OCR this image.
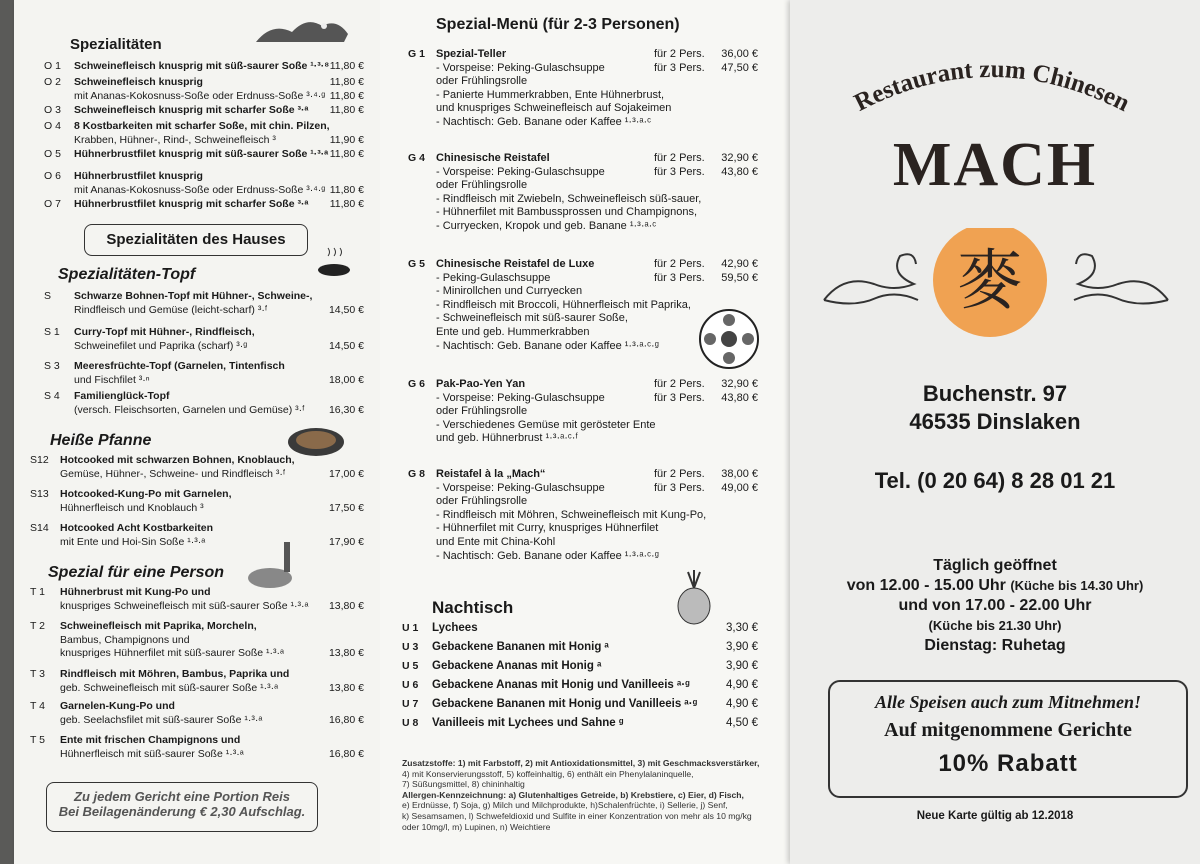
Spezialitäten
O 1 Schweinefleisch knusprig mit süß-saurer Soße ¹·³·⁸ 11,80 €
O 2 Schweinefleisch knusprig	11,80 €
mit Ananas-Kokosnuss-Soße oder Erdnuss-Soße ³·⁴·ᵍ 11,80 €
O 3 Schweinefleisch knusprig mit scharfer Soße ³·ᵃ 11,80 €
O 4 8 Kostbarkeiten mit scharfer Soße, mit chin. Pilzen,
Krabben, Hühner-, Rind-, Schweinefleisch ³	11,90 €
O 5 Hühnerbrustfilet knusprig mit süß-saurer Soße ¹·³·ᵃ 11,80 €
O 6 Hühnerbrustfilet knusprig
mit Ananas-Kokosnuss-Soße oder Erdnuss-Soße ³·⁴·ᵍ 11,80 €
O 7 Hühnerbrustfilet knusprig mit scharfer Soße ³·ᵃ 11,80 €
Spezialitäten des Hauses
Spezialitäten-Topf
S Schwarze Bohnen-Topf mit Hühner-, Schweine-,
Rindfleisch und Gemüse (leicht-scharf) ³·ᶠ	14,50 €
S 1 Curry-Topf mit Hühner-, Rindfleisch,
Schweinefilet und Paprika (scharf) ³·ᵍ	14,50 €
S 3 Meeresfrüchte-Topf (Garnelen, Tintenfisch
und Fischfilet ³·ⁿ	18,00 €
S 4 Familienglück-Topf
(versch. Fleischsorten, Garnelen und Gemüse) ³·ᶠ 16,30 €
Heiße Pfanne
S12 Hotcooked mit schwarzen Bohnen, Knoblauch,
Gemüse, Hühner-, Schweine- und Rindfleisch ³·ᶠ	17,00 €
S13 Hotcooked-Kung-Po mit Garnelen,
Hühnerfleisch und Knoblauch ³	17,50 €
S14 Hotcooked Acht Kostbarkeiten
mit Ente und Hoi-Sin Soße ¹·³·ᵃ	17,90 €
Spezial für eine Person
T 1 Hühnerbrust mit Kung-Po und
knuspriges Schweinefleisch mit süß-saurer Soße ¹·³·ᵃ 13,80 €
T 2 Schweinefleisch mit Paprika, Morcheln,
Bambus, Champignons und
knuspriges Hühnerfilet mit süß-saurer Soße ¹·³·ᵃ	13,80 €
T 3 Rindfleisch mit Möhren, Bambus, Paprika und
geb. Schweinefleisch mit süß-saurer Soße ¹·³·ᵃ	13,80 €
T 4 Garnelen-Kung-Po und
geb. Seelachsfilet mit süß-saurer Soße ¹·³·ᵃ	16,80 €
T 5 Ente mit frischen Champignons und
Hühnerfleisch mit süß-saurer Soße ¹·³·ᵃ	16,80 €
Zu jedem Gericht eine Portion Reis
Bei Beilagenänderung € 2,30 Aufschlag.
Spezial-Menü (für 2-3 Personen)
G 1 Spezial-Teller	für 2 Pers. 36,00 €
- Vorspeise: Peking-Gulaschsuppe	für 3 Pers. 47,50 €
oder Frühlingsrolle
- Panierte Hummerkrabben, Ente Hühnerbrust,
und knuspriges Schweinefleisch auf Sojakeimen
- Nachtisch: Geb. Banane oder Kaffee ¹·³·ᵃ·ᶜ
G 4 Chinesische Reistafel	für 2 Pers. 32,90 €
- Vorspeise: Peking-Gulaschsuppe	für 3 Pers. 43,80 €
oder Frühlingsrolle
- Rindfleisch mit Zwiebeln, Schweinefleisch süß-sauer,
- Hühnerfilet mit Bambussprossen und Champignons,
- Curryecken, Kropok und geb. Banane ¹·³·ᵃ·ᶜ
G 5 Chinesische Reistafel de Luxe	für 2 Pers. 42,90 €
- Peking-Gulaschsuppe	für 3 Pers. 59,50 €
- Minirollchen und Curryecken
- Rindfleisch mit Broccoli, Hühnerfleisch mit Paprika,
- Schweinefleisch mit süß-saurer Soße,
Ente und geb. Hummerkrabben
- Nachtisch: Geb. Banane oder Kaffee ¹·³·ᵃ·ᶜ·ᵍ
G 6 Pak-Pao-Yen Yan	für 2 Pers. 32,90 €
- Vorspeise: Peking-Gulaschsuppe	für 3 Pers. 43,80 €
oder Frühlingsrolle
- Verschiedenes Gemüse mit gerösteter Ente
und geb. Hühnerbrust ¹·³·ᵃ·ᶜ·ᶠ
G 8 Reistafel à la „Mach“	für 2 Pers. 38,00 €
- Vorspeise: Peking-Gulaschsuppe	für 3 Pers. 49,00 €
oder Frühlingsrolle
- Rindfleisch mit Möhren, Schweinefleisch mit Kung-Po,
- Hühnerfilet mit Curry, knuspriges Hühnerfilet
und Ente mit China-Kohl
- Nachtisch: Geb. Banane oder Kaffee ¹·³·ᵃ·ᶜ·ᵍ
Nachtisch
U 1 Lychees	3,30 €
U 3 Gebackene Bananen mit Honig ᵃ	3,90 €
U 5 Gebackene Ananas mit Honig ᵃ	3,90 €
U 6 Gebackene Ananas mit Honig und Vanilleeis ᵃ·ᵍ	4,90 €
U 7 Gebackene Bananen mit Honig und Vanilleeis ᵃ·ᵍ	4,90 €
U 8 Vanilleeis mit Lychees und Sahne ᵍ	4,50 €
Zusatzstoffe: 1) mit Farbstoff, 2) mit Antioxidationsmittel, 3) mit Geschmacksverstärker,
4) mit Konservierungsstoff, 5) koffeinhaltig, 6) enthält ein Phenylalaninquelle,
7) Süßungsmittel, 8) chininhaltig
Allergen-Kennzeichnung: a) Glutenhaltiges Getreide, b) Krebstiere, c) Eier, d) Fisch,
e) Erdnüsse, f) Soja, g) Milch und Milchprodukte, h)Schalenfrüchte, i) Sellerie, j) Senf,
k) Sesamsamen, l) Schwefeldioxid und Sulfite in einer Konzentration von mehr als 10 mg/kg
oder 10mg/l, m) Lupinen, n) Weichtiere
Restaurant zum Chinesen
MACH
麥
Buchenstr. 97
46535 Dinslaken
Tel. (0 20 64) 8 28 01 21
Täglich geöffnet
von 12.00 - 15.00 Uhr (Küche bis 14.30 Uhr)
und von 17.00 - 22.00 Uhr
(Küche bis 21.30 Uhr)
Dienstag: Ruhetag
Alle Speisen auch zum Mitnehmen!
Auf mitgenommene Gerichte
10% Rabatt
Neue Karte gültig ab 12.2018
